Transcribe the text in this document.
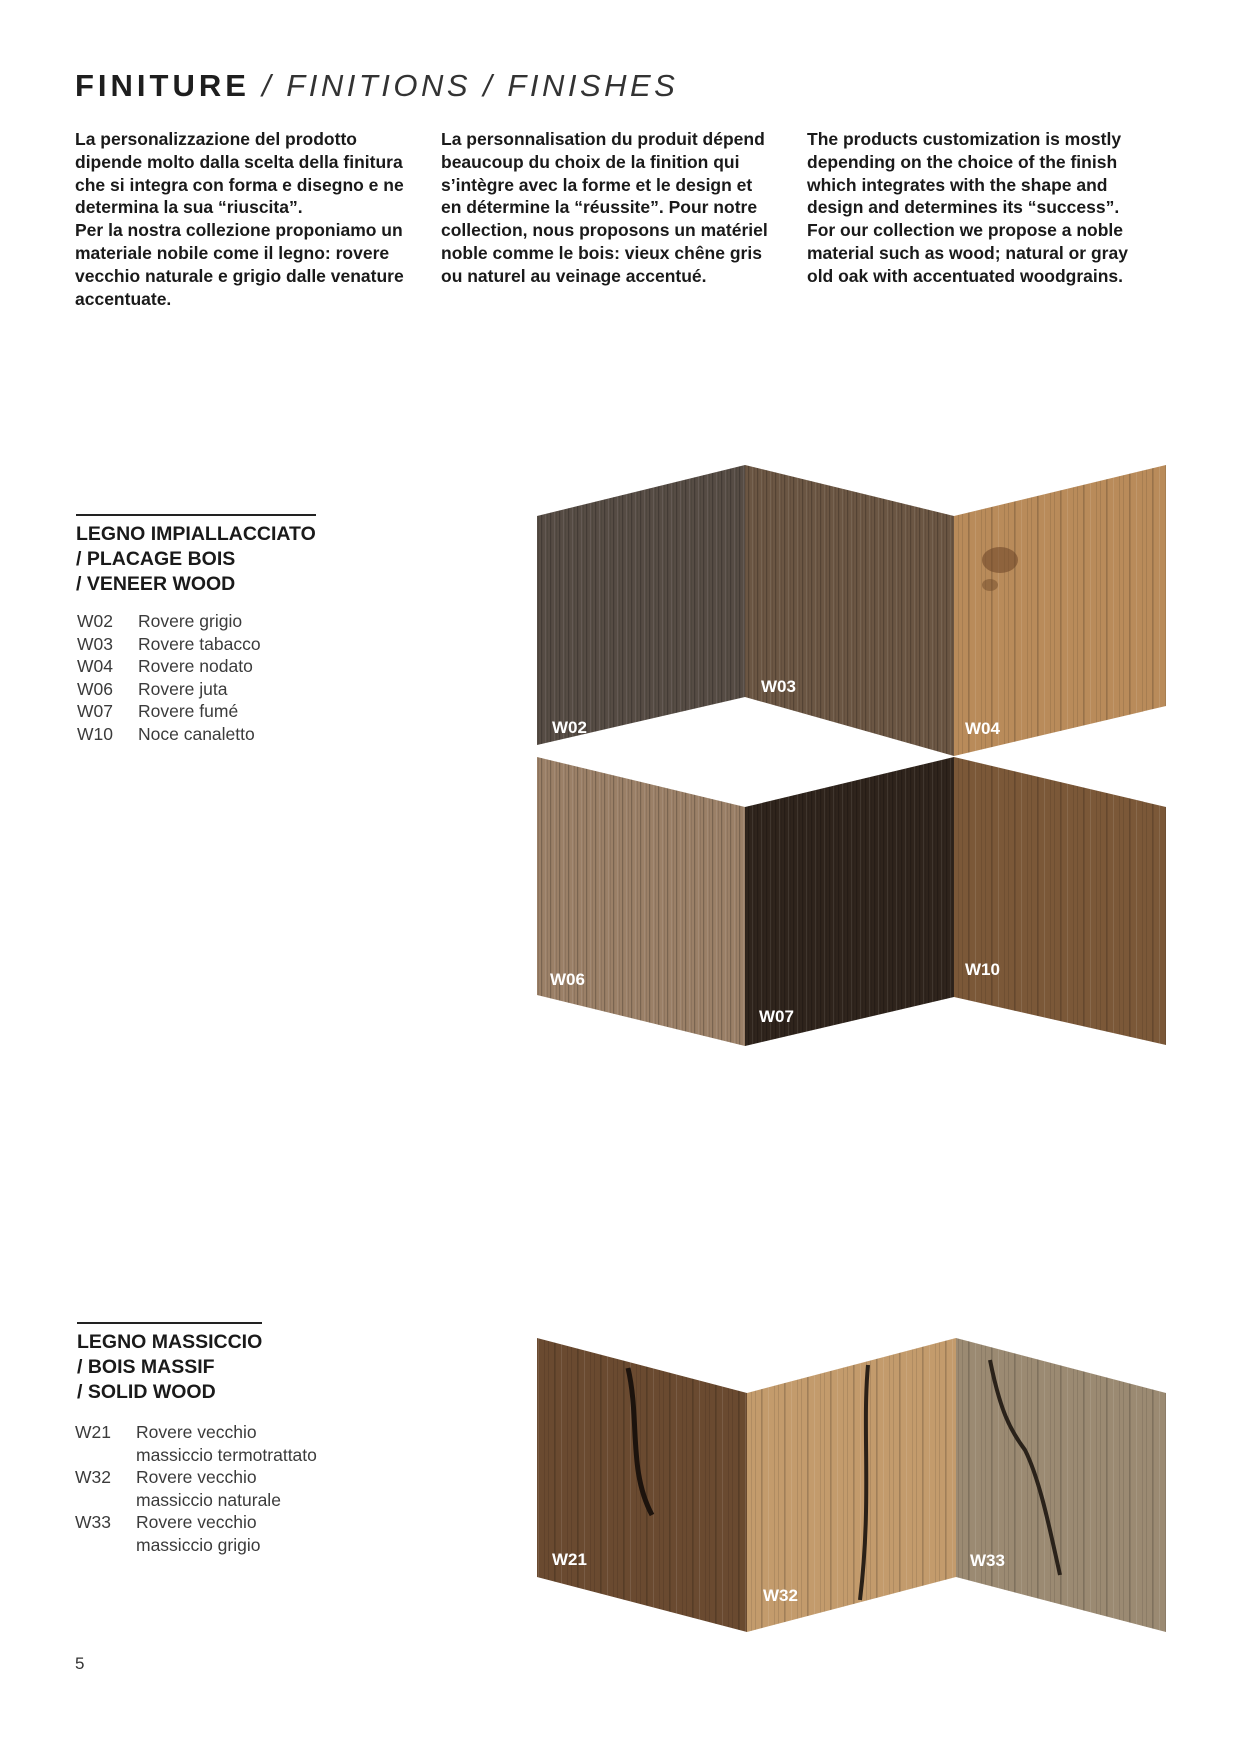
FINITURE / FINITIONS / FINISHES

La personalizzazione del prodotto dipende molto dalla scelta della finitura che si integra con forma e disegno e ne determina la sua “riuscita”.

Per la nostra collezione proponiamo un materiale nobile come il legno: rovere vecchio naturale e grigio dalle venature accentuate.

La personnalisation du produit dépend beaucoup du choix de la finition qui s’intègre avec la forme et le design et en détermine la “réussite”. Pour notre collection, nous proposons un matériel noble comme le bois: vieux chêne gris ou naturel au veinage accentué.

The products customization is mostly depending on the choice of the finish which integrates with the shape and design and determines its “success”. For our collection we propose a noble material such as wood; natural or gray old oak with accentuated woodgrains.

LEGNO IMPIALLACCIATO
/ PLACAGE BOIS
/ VENEER WOOD
W02	Rovere grigio
W03	Rovere tabacco
W04	Rovere nodato
W06	Rovere juta
W07	Rovere fumé
W10	Noce canaletto
LEGNO MASSICCIO
/ BOIS MASSIF
/ SOLID WOOD
W21	Rovere vecchio
massiccio termotrattato
W32	Rovere vecchio
massiccio naturale
W33	Rovere vecchio
massiccio grigio
W02
W03
W04
W06
W07
W10
W21
W32
W33
5
